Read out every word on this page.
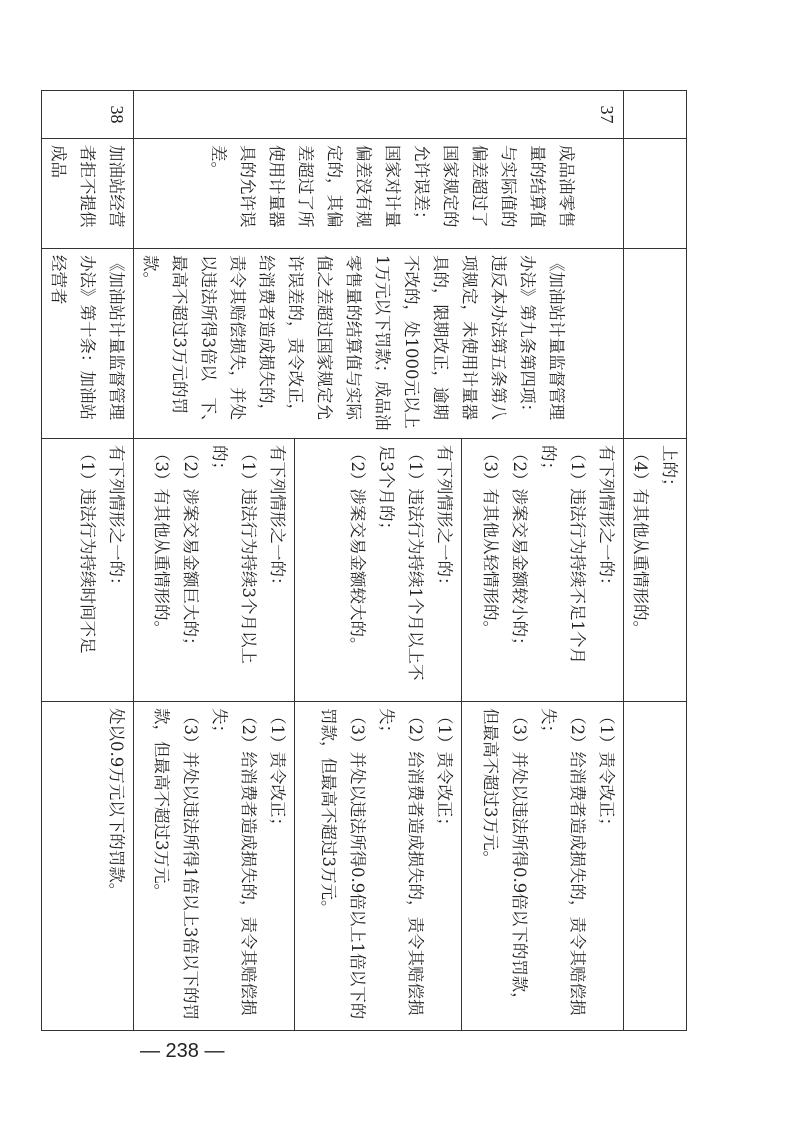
			上的；
（4）有其他从重情形的。	

37	成品油零售量的结算值与实际值的偏差超过了国家规定的允许误差；国家对计量偏差没有规定的，其偏差超过了所使用计量器具的允许误差。	《加油站计量监督管理办法》第九条第四项：违反本办法第五条第八项规定，未使用计量器具的，限期改正，逾期不改的，处1000元以上1万元以下罚款；成品油零售量的结算值与实际值之差超过国家规定允许误差的，责令改正，给消费者造成损失的，责令其赔偿损失，并处以违法所得3倍以　下、最高不超过3万元的罚　款。	有下列情形之一的：
（1）违法行为持续不足1个月的；
（2）涉案交易金额较小的；
（3）有其他从轻情形的。	（1）责令改正；
（2）给消费者造成损失的，责令其赔偿损失；
（3）并处以违法所得0.9倍以下的罚款，但最高不超过3万元。

			有下列情形之一的：
（1）违法行为持续1个月以上不足3个月的；
（2）涉案交易金额较大的。	（1）责令改正；
（2）给消费者造成损失的，责令其赔偿损失；
（3）并处以违法所得0.9倍以上1倍以下的罚款，但最高不超过3万元。

			有下列情形之一的：
（1）违法行为持续3个月以上的；
（2）涉案交易金额巨大的；
（3）有其他从重情形的。	（1）责令改正；
（2）给消费者造成损失的，责令其赔偿损失；
（3）并处以违法所得1倍以上3倍以下的罚款，但最高不超过3万元。

38	加油站经营者拒不提供成品	《加油站计量监督管理办法》第十条：加油站经营者	有下列情形之一的：
（1）违法行为持续时间不足	处以0.9万元以下的罚款。
— 238 —
